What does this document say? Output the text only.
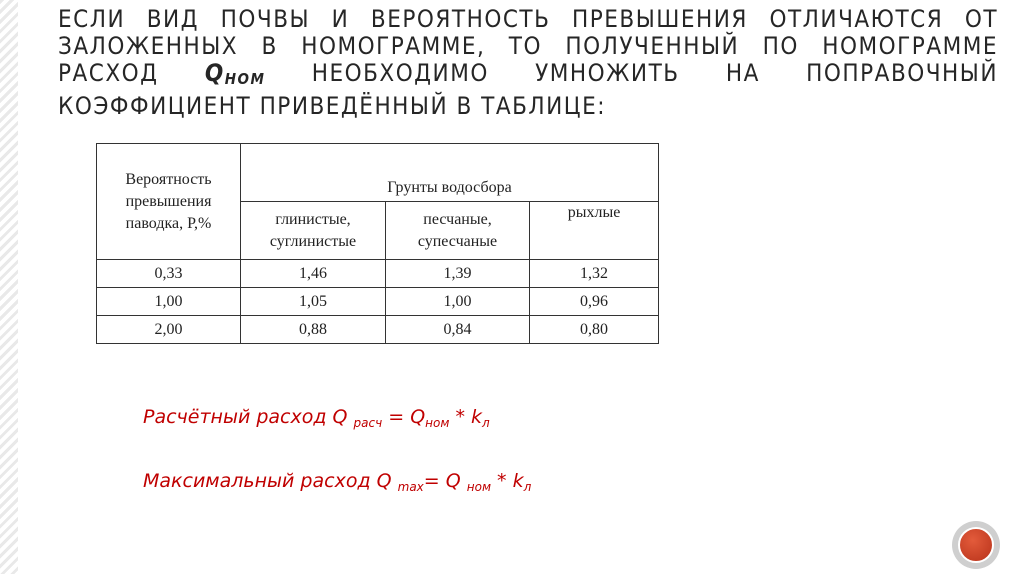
ЕСЛИ ВИД ПОЧВЫ И ВЕРОЯТНОСТЬ ПРЕВЫШЕНИЯ ОТЛИЧАЮТСЯ ОТ ЗАЛОЖЕННЫХ В НОМОГРАММЕ, ТО ПОЛУЧЕННЫЙ ПО НОМОГРАММЕ РАСХОД $Q_{НОМ}$ НЕОБХОДИМО УМНОЖИТЬ НА ПОПРАВОЧНЫЙ КОЭФФИЦИЕНТ ПРИВЕДЁННЫЙ В ТАБЛИЦЕ:

Вероятность превышения паводка, Р,%	Грунты водосбора		
	глинистые, суглинистые	песчаные, супесчаные	рыхлые
0,33	1,46	1,39	1,32
1,00	1,05	1,00	0,96
2,00	0,88	0,84	0,80
Расчётный расход Q $_{расч} = Q_{ном} * k_л$
Максимальный расход Q $_{max}$= Q $_{ном} * k_л$
